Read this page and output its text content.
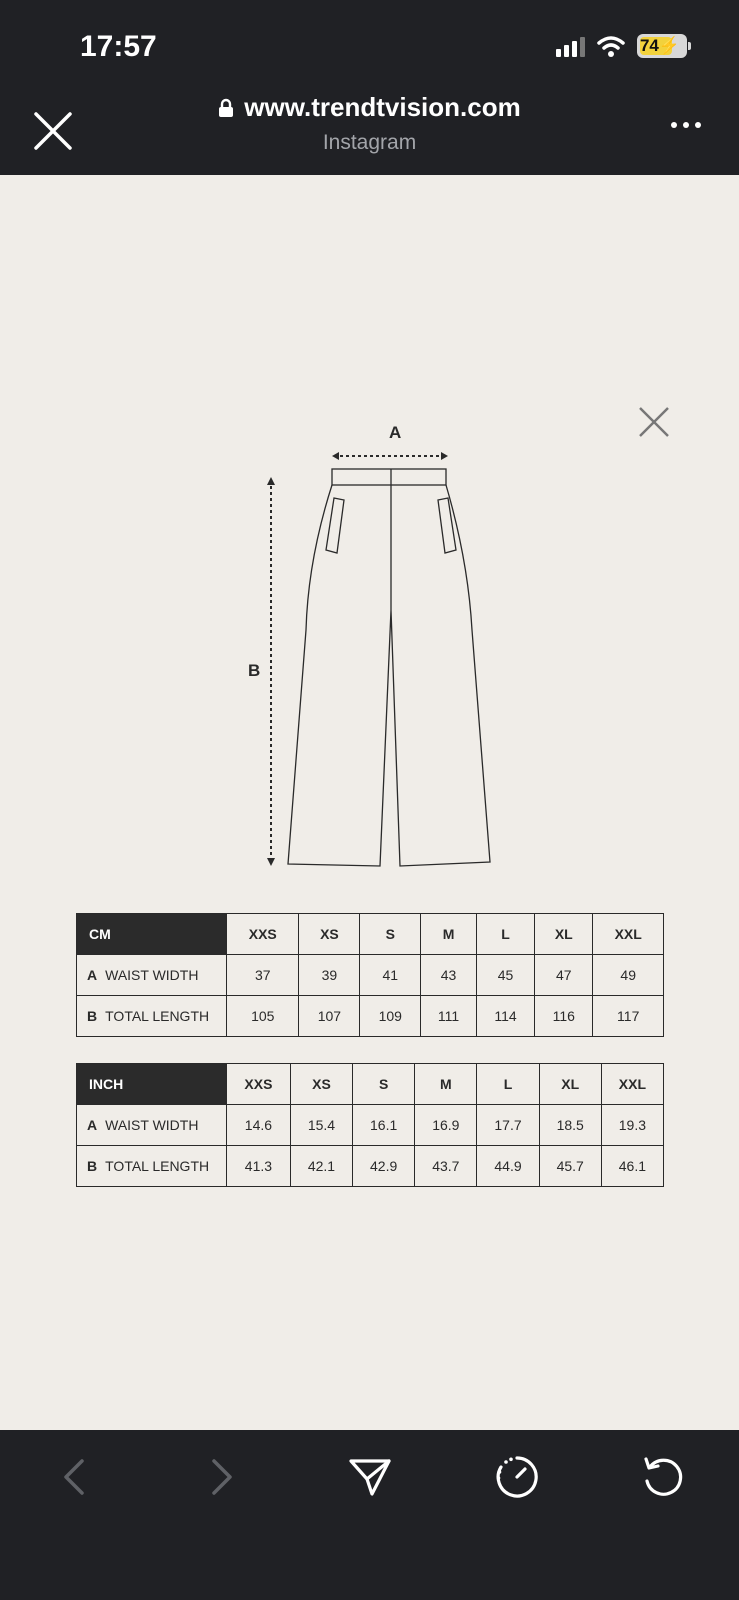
17:57	74 ⚡
www.trendtvision.com
Instagram
A
B
CM	XXS	XS	S	M	L	XL	XXL
A WAIST WIDTH	37	39	41	43	45	47	49
B TOTAL LENGTH	105	107	109	111	114	116	117
INCH	XXS	XS	S	M	L	XL	XXL
A WAIST WIDTH	14.6	15.4	16.1	16.9	17.7	18.5	19.3
B TOTAL LENGTH	41.3	42.1	42.9	43.7	44.9	45.7	46.1
